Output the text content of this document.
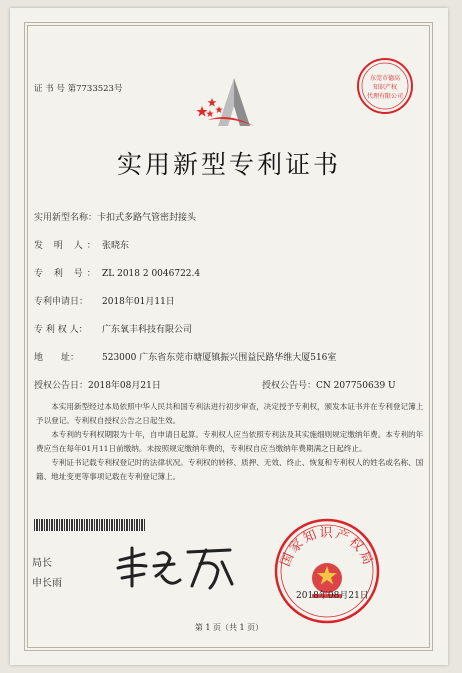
证 书 号 第7733523号
东莞市德高
知识产权
代理有限公司
实用新型专利证书
实用新型名称：卡扣式多路气管密封接头
发 明 人： 张晓东
专 利 号： ZL 2018 2 0046722.4
专利申请日： 2018年01月11日
专 利 权 人： 广东氧丰科技有限公司
地　　址：	523000 广东省东莞市塘厦镇振兴围益民路华维大厦516室
授权公告日：2018年08月21日	授权公告号：CN 207750639 U

本实用新型经过本局依照中华人民共和国专利法进行初步审查，决定授予专利权，颁发本证书并在专利登记簿上予以登记。专利权自授权公告之日起生效。

本专利的专利权期限为十年，自申请日起算。专利权人应当依照专利法及其实施细则规定缴纳年费。本专利的年费应当在每年01月11日前缴纳。未按照规定缴纳年费的，专利权自应当缴纳年费期满之日起终止。

专利证书记载专利权登记时的法律状况。专利权的转移、质押、无效、终止、恢复和专利权人的姓名或名称、国籍、地址变更等事项记载在专利登记簿上。

局长
申长雨
国家知识产权局
2018年08月21日
第 1 页（共 1 页）
